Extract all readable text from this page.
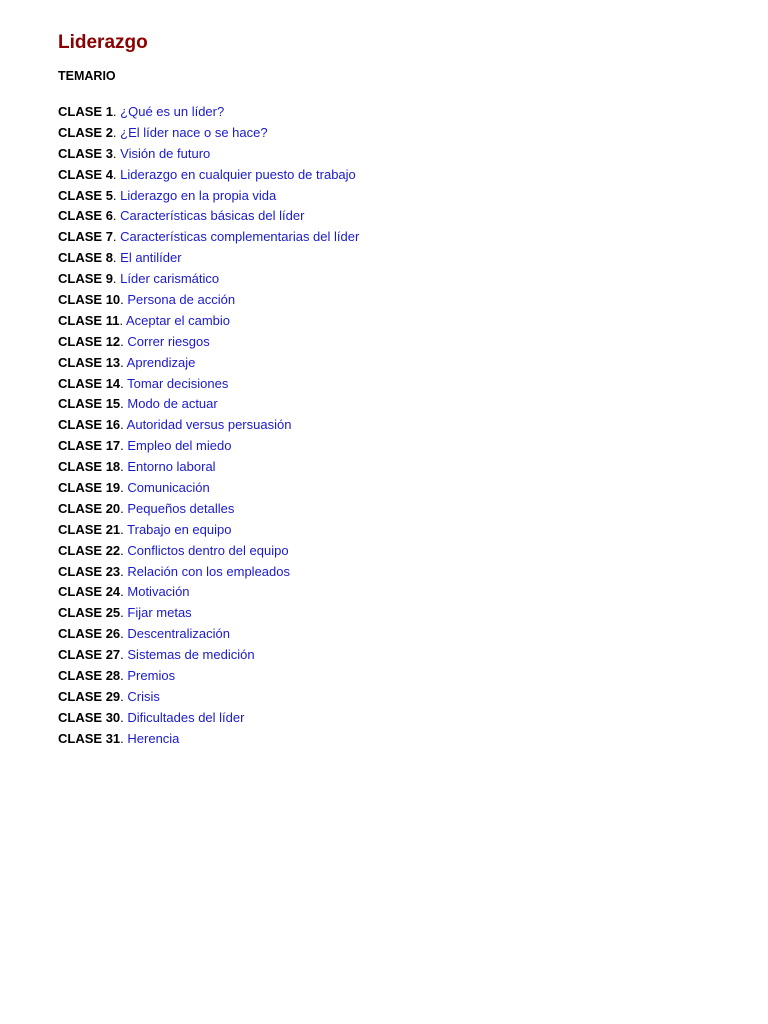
Liderazgo
TEMARIO
CLASE 1. ¿Qué es un líder?
CLASE 2. ¿El líder nace o se hace?
CLASE 3. Visión de futuro
CLASE 4. Liderazgo en cualquier puesto de trabajo
CLASE 5. Liderazgo en la propia vida
CLASE 6. Características básicas del líder
CLASE 7. Características complementarias del líder
CLASE 8. El antilíder
CLASE 9. Líder carismático
CLASE 10. Persona de acción
CLASE 11. Aceptar el cambio
CLASE 12. Correr riesgos
CLASE 13. Aprendizaje
CLASE 14. Tomar decisiones
CLASE 15. Modo de actuar
CLASE 16. Autoridad versus persuasión
CLASE 17. Empleo del miedo
CLASE 18. Entorno laboral
CLASE 19. Comunicación
CLASE 20. Pequeños detalles
CLASE 21. Trabajo en equipo
CLASE 22. Conflictos dentro del equipo
CLASE 23. Relación con los empleados
CLASE 24. Motivación
CLASE 25. Fijar metas
CLASE 26. Descentralización
CLASE 27. Sistemas de medición
CLASE 28. Premios
CLASE 29. Crisis
CLASE 30. Dificultades del líder
CLASE 31. Herencia
